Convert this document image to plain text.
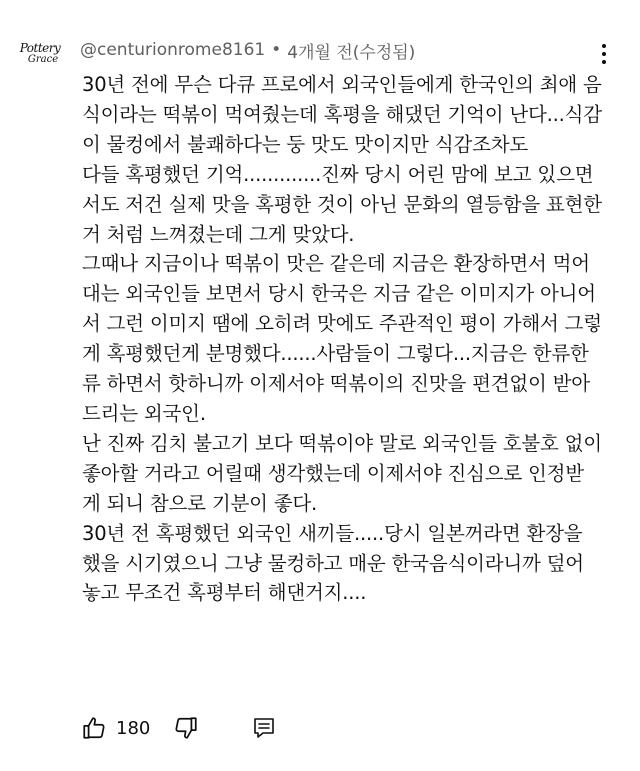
Pottery
Grace @centurionrome8161 • 4개월 전(수정됨)
30년 전에 무슨 다큐 프로에서 외국인들에게 한국인의 최애 음식이라는 떡볶이 먹여줬는데 혹평을 해댔던 기억이 난다...식감이 물컹에서 불쾌하다는 둥 맛도 맛이지만 식감조차도
다들 혹평했던 기억.............진짜 당시 어린 맘에 보고 있으면서도 저건 실제 맛을 혹평한 것이 아닌 문화의 열등함을 표현한 거 처럼 느껴졌는데 그게 맞았다.
그때나 지금이나 떡볶이 맛은 같은데 지금은 환장하면서 먹어대는 외국인들 보면서 당시 한국은 지금 같은 이미지가 아니어서 그런 이미지 땜에 오히려 맛에도 주관적인 평이 가해서 그렇게 혹평했던게 분명했다......사람들이 그렇다...지금은 한류한류 하면서 핫하니까 이제서야 떡볶이의 진맛을 편견없이 받아드리는 외국인.
난 진짜 김치 불고기 보다 떡볶이야 말로 외국인들 호불호 없이 좋아할 거라고 어릴때 생각했는데 이제서야 진심으로 인정받게 되니 참으로 기분이 좋다.
30년 전 혹평했던 외국인 새끼들.....당시 일본꺼라면 환장을 했을 시기였으니 그냥 물컹하고 매운 한국음식이라니까 덮어놓고 무조건 혹평부터 해댄거지....
180
